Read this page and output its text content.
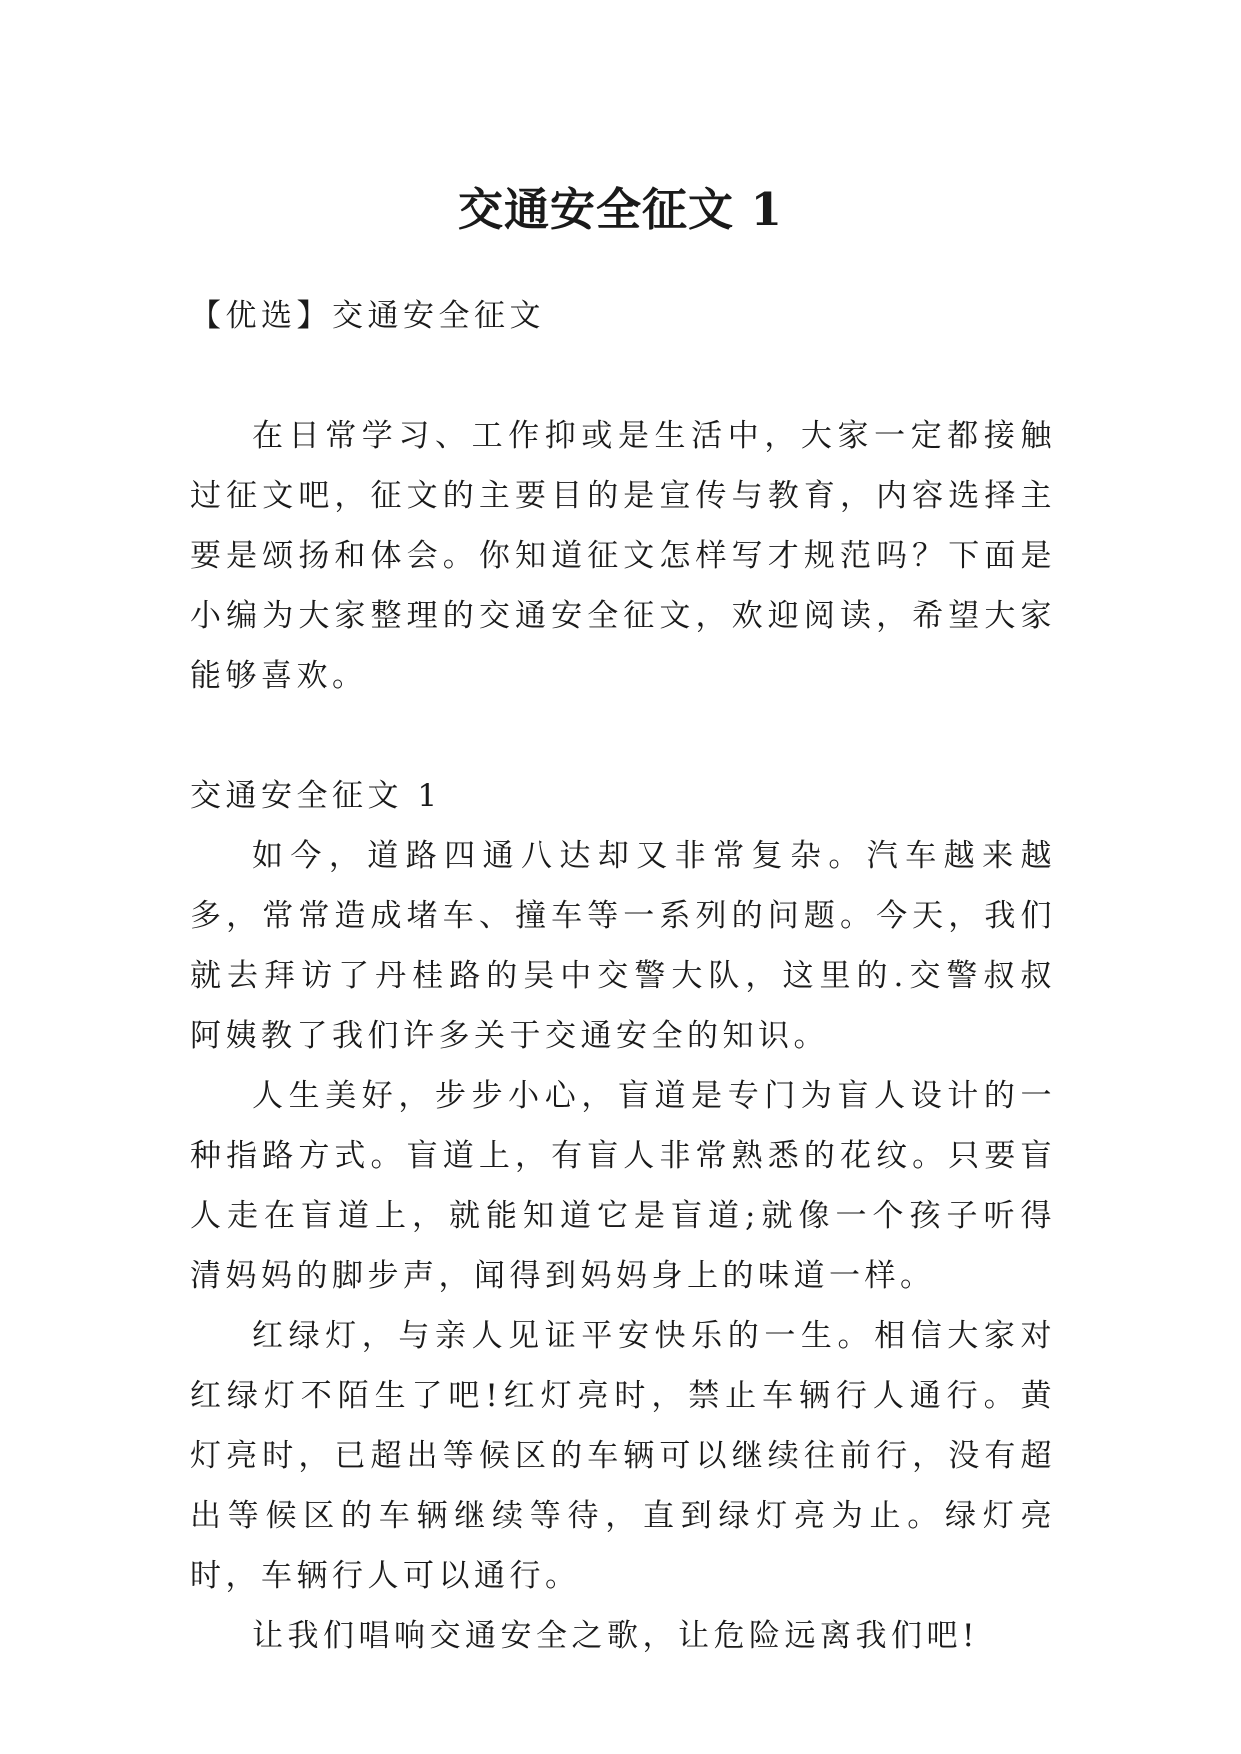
交通安全征文 1

【优选】交通安全征文

在日常学习、工作抑或是生活中，大家一定都接触过征文吧，征文的主要目的是宣传与教育，内容选择主要是颂扬和体会。你知道征文怎样写才规范吗？下面是小编为大家整理的交通安全征文，欢迎阅读，希望大家能够喜欢。

交通安全征文 1

如今，道路四通八达却又非常复杂。汽车越来越多，常常造成堵车、撞车等一系列的问题。今天，我们就去拜访了丹桂路的吴中交警大队，这里的.交警叔叔阿姨教了我们许多关于交通安全的知识。

人生美好，步步小心，盲道是专门为盲人设计的一种指路方式。盲道上，有盲人非常熟悉的花纹。只要盲人走在盲道上，就能知道它是盲道;就像一个孩子听得清妈妈的脚步声，闻得到妈妈身上的味道一样。

红绿灯，与亲人见证平安快乐的一生。相信大家对红绿灯不陌生了吧!红灯亮时，禁止车辆行人通行。黄灯亮时，已超出等候区的车辆可以继续往前行，没有超出等候区的车辆继续等待，直到绿灯亮为止。绿灯亮时，车辆行人可以通行。

让我们唱响交通安全之歌，让危险远离我们吧!
